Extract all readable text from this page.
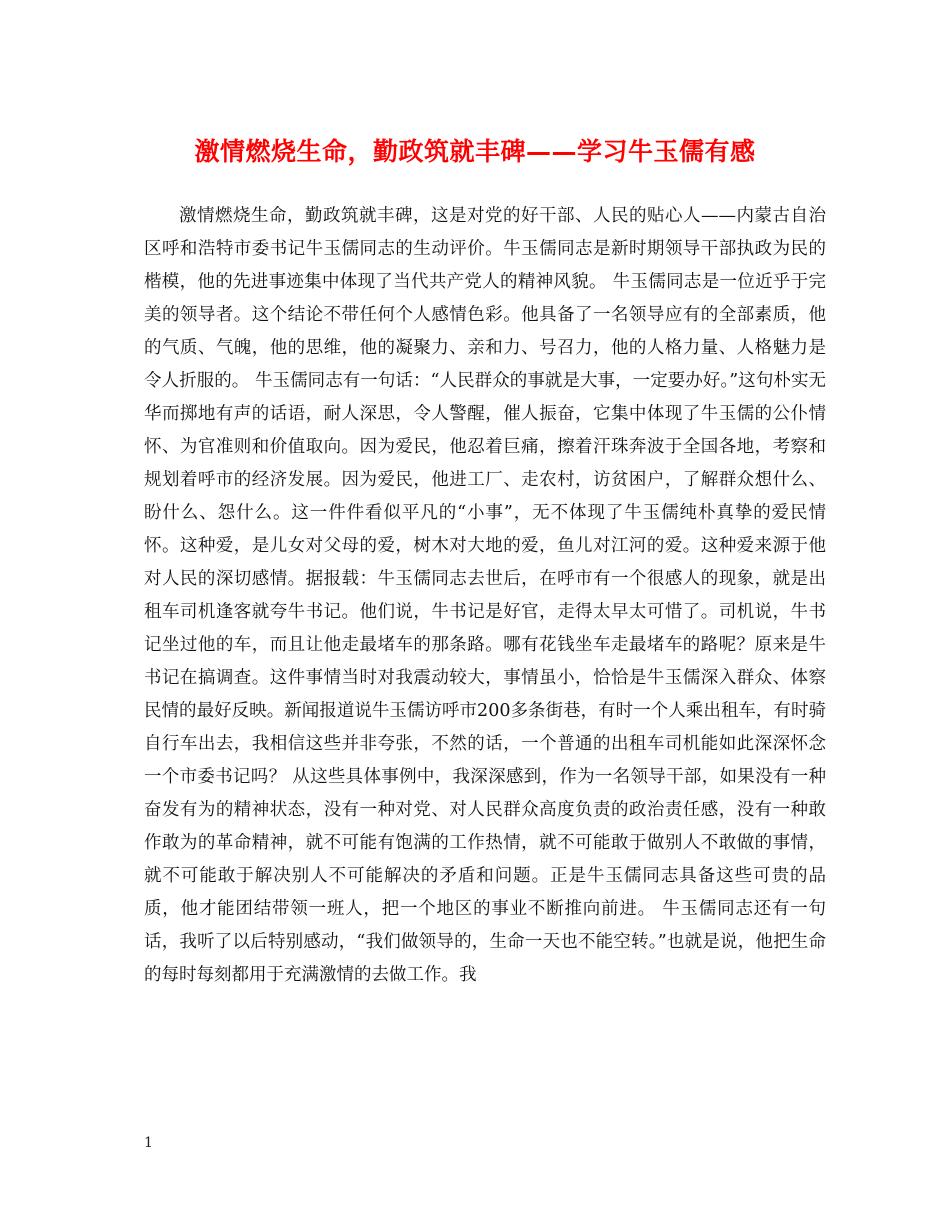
激情燃烧生命，勤政筑就丰碑——学习牛玉儒有感

激情燃烧生命，勤政筑就丰碑，这是对党的好干部、人民的贴心人——内蒙古自治区呼和浩特市委书记牛玉儒同志的生动评价。牛玉儒同志是新时期领导干部执政为民的楷模，他的先进事迹集中体现了当代共产党人的精神风貌。 牛玉儒同志是一位近乎于完美的领导者。这个结论不带任何个人感情色彩。他具备了一名领导应有的全部素质，他的气质、气魄，他的思维，他的凝聚力、亲和力、号召力，他的人格力量、人格魅力是令人折服的。 牛玉儒同志有一句话：“人民群众的事就是大事，一定要办好。”这句朴实无华而掷地有声的话语，耐人深思，令人警醒，催人振奋，它集中体现了牛玉儒的公仆情怀、为官准则和价值取向。因为爱民，他忍着巨痛，擦着汗珠奔波于全国各地，考察和规划着呼市的经济发展。因为爱民，他进工厂、走农村，访贫困户，了解群众想什么、盼什么、怨什么。这一件件看似平凡的“小事”，无不体现了牛玉儒纯朴真挚的爱民情怀。这种爱，是儿女对父母的爱，树木对大地的爱，鱼儿对江河的爱。这种爱来源于他对人民的深切感情。据报载：牛玉儒同志去世后，在呼市有一个很感人的现象，就是出租车司机逢客就夸牛书记。他们说，牛书记是好官，走得太早太可惜了。司机说，牛书记坐过他的车，而且让他走最堵车的那条路。哪有花钱坐车走最堵车的路呢？原来是牛书记在搞调查。这件事情当时对我震动较大，事情虽小，恰恰是牛玉儒深入群众、体察民情的最好反映。新闻报道说牛玉儒访呼市200多条街巷，有时一个人乘出租车，有时骑自行车出去，我相信这些并非夸张，不然的话，一个普通的出租车司机能如此深深怀念一个市委书记吗？ 从这些具体事例中，我深深感到，作为一名领导干部，如果没有一种奋发有为的精神状态，没有一种对党、对人民群众高度负责的政治责任感，没有一种敢作敢为的革命精神，就不可能有饱满的工作热情，就不可能敢于做别人不敢做的事情，就不可能敢于解决别人不可能解决的矛盾和问题。正是牛玉儒同志具备这些可贵的品质，他才能团结带领一班人，把一个地区的事业不断推向前进。 牛玉儒同志还有一句话，我听了以后特别感动，“我们做领导的，生命一天也不能空转。”也就是说，他把生命的每时每刻都用于充满激情的去做工作。我

1
